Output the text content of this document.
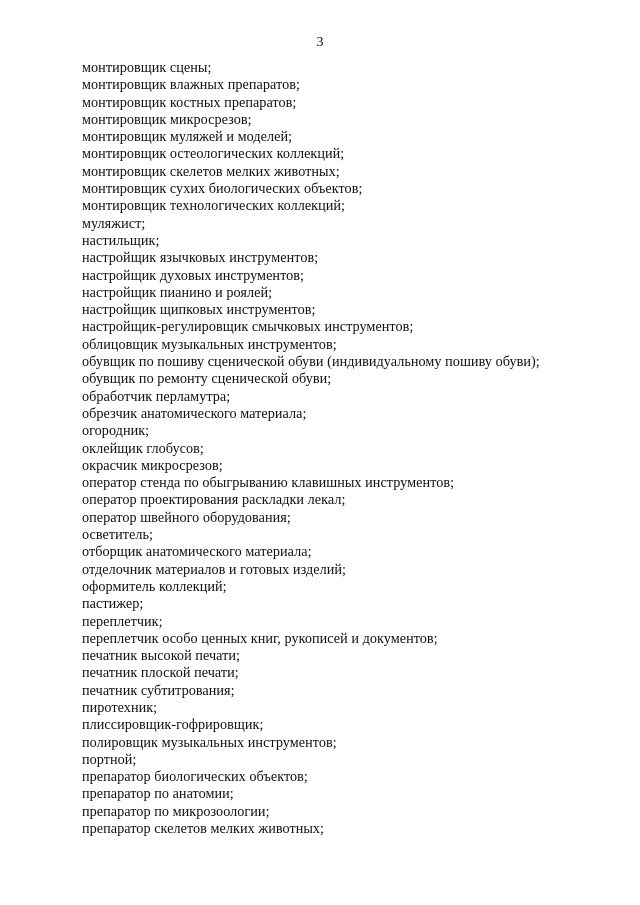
3
монтировщик сцены;
монтировщик влажных препаратов;
монтировщик костных препаратов;
монтировщик микросрезов;
монтировщик муляжей и моделей;
монтировщик остеологических коллекций;
монтировщик скелетов мелких животных;
монтировщик сухих биологических объектов;
монтировщик технологических коллекций;
муляжист;
настильщик;
настройщик язычковых инструментов;
настройщик духовых инструментов;
настройщик пианино и роялей;
настройщик щипковых инструментов;
настройщик-регулировщик смычковых инструментов;
облицовщик музыкальных инструментов;
обувщик по пошиву сценической обуви (индивидуальному пошиву обуви);
обувщик по ремонту сценической обуви;
обработчик перламутра;
обрезчик анатомического материала;
огородник;
оклейщик глобусов;
окрасчик микросрезов;
оператор стенда по обыгрыванию клавишных инструментов;
оператор проектирования раскладки лекал;
оператор швейного оборудования;
осветитель;
отборщик анатомического материала;
отделочник материалов и готовых изделий;
оформитель коллекций;
пастижер;
переплетчик;
переплетчик особо ценных книг, рукописей и документов;
печатник высокой печати;
печатник плоской печати;
печатник субтитрования;
пиротехник;
плиссировщик-гофрировщик;
полировщик музыкальных инструментов;
портной;
препаратор биологических объектов;
препаратор по анатомии;
препаратор по микрозоологии;
препаратор скелетов мелких животных;
